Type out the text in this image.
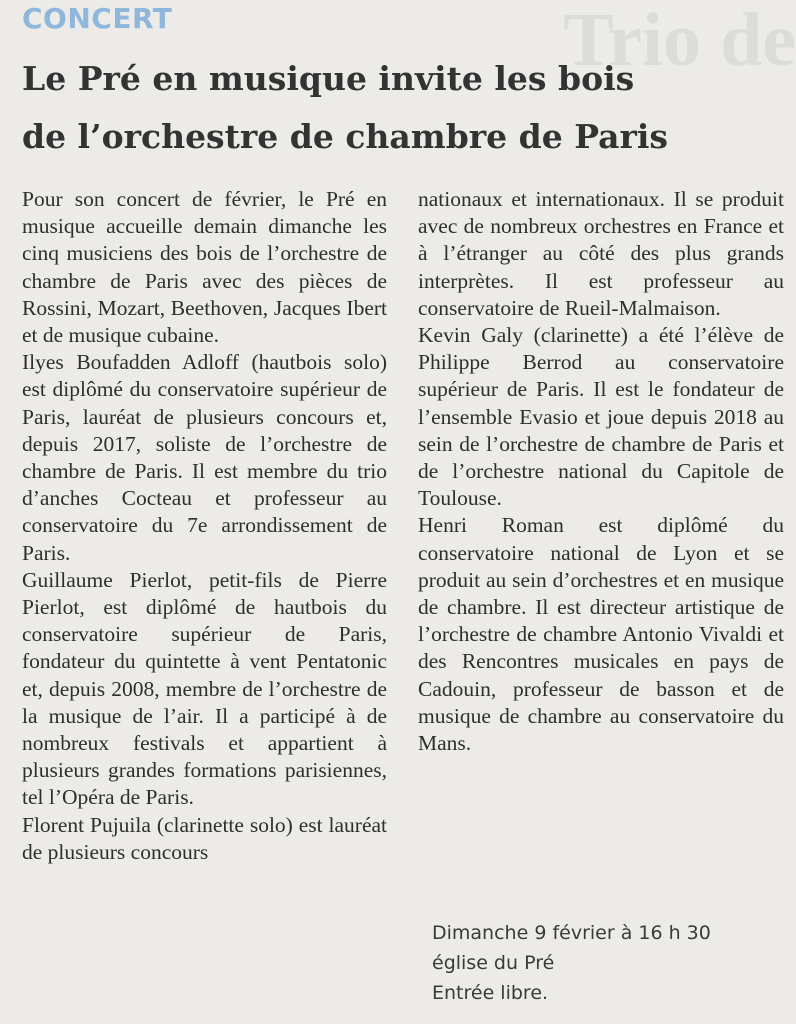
Trio de
CONCERT
Le Pré en musique invite les bois
de l’orchestre de chambre de Paris

Pour son concert de février, le Pré en musique accueille demain dimanche les cinq musiciens des bois de l’orchestre de chambre de Paris avec des pièces de Rossini, Mozart, Beethoven, Jacques Ibert et de musique cubaine.

Ilyes Boufadden Adloff (hautbois solo) est diplômé du conservatoire supérieur de Paris, lauréat de plusieurs concours et, depuis 2017, soliste de l’orchestre de chambre de Paris. Il est membre du trio d’anches Cocteau et professeur au conservatoire du 7e arrondissement de Paris.

Guillaume Pierlot, petit-fils de Pierre Pierlot, est diplômé de hautbois du conservatoire supérieur de Paris, fondateur du quintette à vent Pentatonic et, depuis 2008, membre de l’orchestre de la musique de l’air. Il a participé à de nombreux festivals et appartient à plusieurs grandes formations parisiennes, tel l’Opéra de Paris.

Florent Pujuila (clarinette solo) est lauréat de plusieurs concours

nationaux et internationaux. Il se produit avec de nombreux orchestres en France et à l’étranger au côté des plus grands interprètes. Il est professeur au conservatoire de Rueil-Malmaison.

Kevin Galy (clarinette) a été l’élève de Philippe Berrod au conservatoire supérieur de Paris. Il est le fondateur de l’ensemble Evasio et joue depuis 2018 au sein de l’orchestre de chambre de Paris et de l’orchestre national du Capitole de Toulouse.

Henri Roman est diplômé du conservatoire national de Lyon et se produit au sein d’orchestres et en musique de chambre. Il est directeur artistique de l’orchestre de chambre Antonio Vivaldi et des Rencontres musicales en pays de Cadouin, professeur de basson et de musique de chambre au conservatoire du Mans.

Dimanche 9 février à 16 h 30
église du Pré
Entrée libre.
